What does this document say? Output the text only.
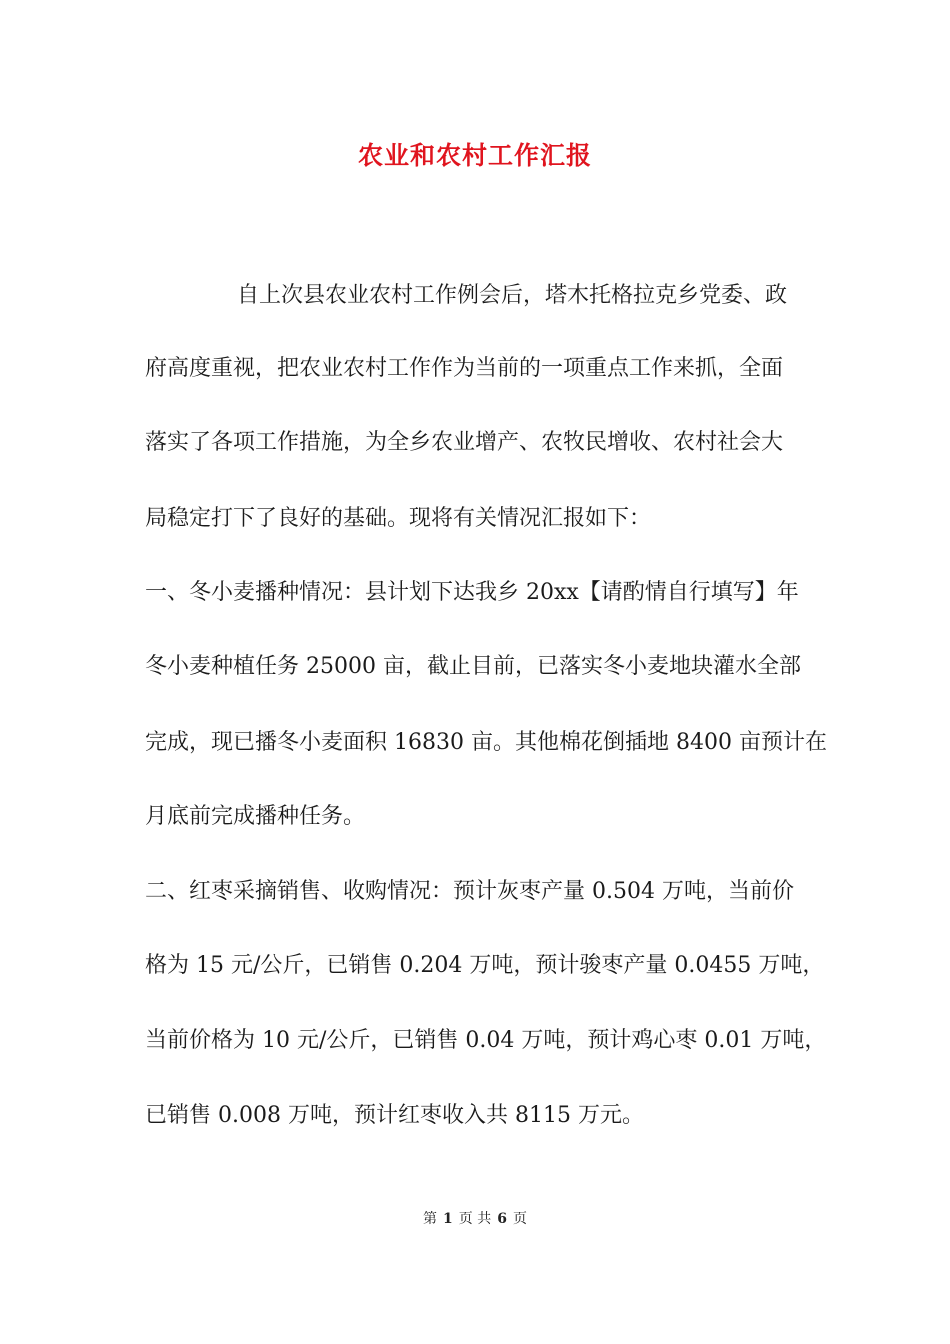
农业和农村工作汇报

自上次县农业农村工作例会后，塔木托格拉克乡党委、政

府高度重视，把农业农村工作作为当前的一项重点工作来抓，全面

落实了各项工作措施，为全乡农业增产、农牧民增收、农村社会大

局稳定打下了良好的基础。现将有关情况汇报如下：

一、冬小麦播种情况：县计划下达我乡 20xx【请酌情自行填写】年

冬小麦种植任务 25000 亩，截止目前，已落实冬小麦地块灌水全部

完成，现已播冬小麦面积 16830 亩。其他棉花倒插地 8400 亩预计在

月底前完成播种任务。

二、红枣采摘销售、收购情况：预计灰枣产量 0.504 万吨，当前价

格为 15 元/公斤，已销售 0.204 万吨，预计骏枣产量 0.0455 万吨，

当前价格为 10 元/公斤，已销售 0.04 万吨，预计鸡心枣 0.01 万吨，

已销售 0.008 万吨，预计红枣收入共 8115 万元。

第 1 页 共 6 页
